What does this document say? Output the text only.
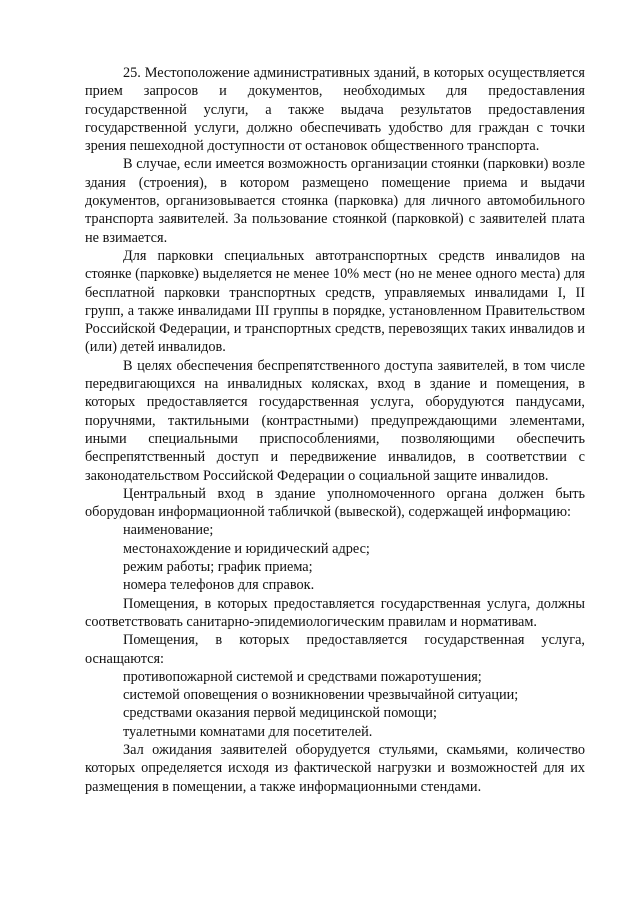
25. Местоположение административных зданий, в которых осуществляется прием запросов и документов, необходимых для предоставления государственной услуги, а также выдача результатов предоставления государственной услуги, должно обеспечивать удобство для граждан с точки зрения пешеходной доступности от остановок общественного транспорта.

В случае, если имеется возможность организации стоянки (парковки) возле здания (строения), в котором размещено помещение приема и выдачи документов, организовывается стоянка (парковка) для личного автомобильного транспорта заявителей. За пользование стоянкой (парковкой) с заявителей плата не взимается.

Для парковки специальных автотранспортных средств инвалидов на стоянке (парковке) выделяется не менее 10% мест (но не менее одного места) для бесплатной парковки транспортных средств, управляемых инвалидами I, II групп, а также инвалидами III группы в порядке, установленном Правительством Российской Федерации, и транспортных средств, перевозящих таких инвалидов и (или) детей инвалидов.

В целях обеспечения беспрепятственного доступа заявителей, в том числе передвигающихся на инвалидных колясках, вход в здание и помещения, в которых предоставляется государственная услуга, оборудуются пандусами, поручнями, тактильными (контрастными) предупреждающими элементами, иными специальными приспособлениями, позволяющими обеспечить беспрепятственный доступ и передвижение инвалидов, в соответствии с законодательством Российской Федерации о социальной защите инвалидов.

Центральный вход в здание уполномоченного органа должен быть оборудован информационной табличкой (вывеской), содержащей информацию:

наименование;

местонахождение и юридический адрес;

режим работы; график приема;

номера телефонов для справок.

Помещения, в которых предоставляется государственная услуга, должны соответствовать санитарно-эпидемиологическим правилам и нормативам.

Помещения, в которых предоставляется государственная услуга, оснащаются:

противопожарной системой и средствами пожаротушения;

системой оповещения о возникновении чрезвычайной ситуации;

средствами оказания первой медицинской помощи;

туалетными комнатами для посетителей.

Зал ожидания заявителей оборудуется стульями, скамьями, количество которых определяется исходя из фактической нагрузки и возможностей для их размещения в помещении, а также информационными стендами.
